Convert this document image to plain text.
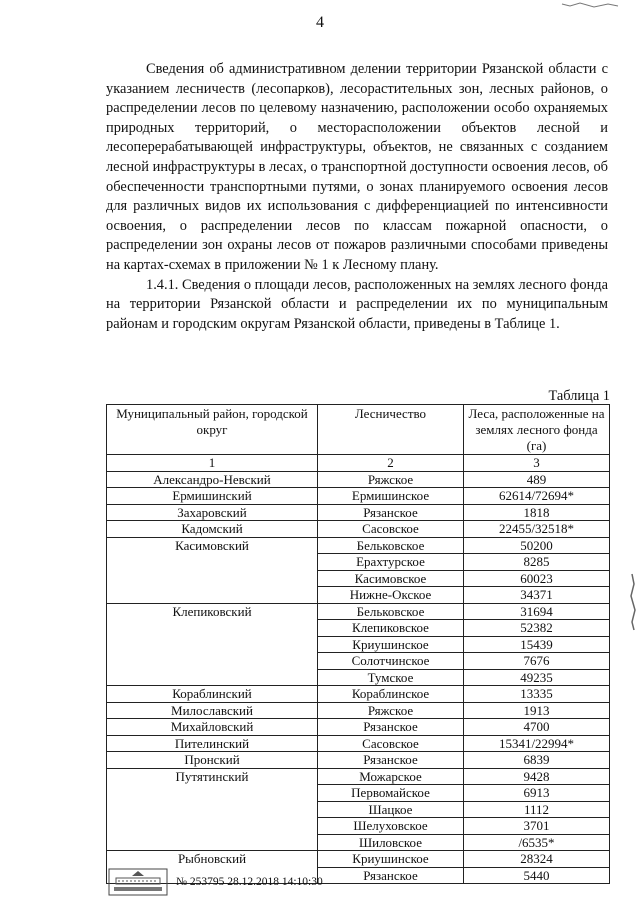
4

Сведения об административном делении территории Рязанской области с указанием лесничеств (лесопарков), лесорастительных зон, лесных районов, о распределении лесов по целевому назначению, расположении особо охраняемых природных территорий, о месторасположении объектов лесной и лесоперерабатывающей инфраструктуры, объектов, не связанных с созданием лесной инфраструктуры в лесах, о транспортной доступности освоения лесов, об обеспеченности транспортными путями, о зонах планируемого освоения лесов для различных видов их использования с дифференциацией по интенсивности освоения, о распределении лесов по классам пожарной опасности, о распределении зон охраны лесов от пожаров различными способами приведены на картах-схемах в приложении № 1 к Лесному плану.

1.4.1. Сведения о площади лесов, расположенных на землях лесного фонда на территории Рязанской области и распределении их по муниципальным районам и городским округам Рязанской области, приведены в Таблице 1.

Таблица 1
Муниципальный район, городской округ	Лесничество	Леса, расположенные на землях лесного фонда (га)
1	2	3
Александро-Невский	Ряжское	489
Ермишинский	Ермишинское	62614/72694*
Захаровский	Рязанское	1818
Кадомский	Сасовское	22455/32518*
Касимовский	Бельковское	50200
	Ерахтурское	8285
	Касимовское	60023
	Нижне-Окское	34371
Клепиковский	Бельковское	31694
	Клепиковское	52382
	Криушинское	15439
	Солотчинское	7676
	Тумское	49235
Кораблинский	Кораблинское	13335
Милославский	Ряжское	1913
Михайловский	Рязанское	4700
Пителинский	Сасовское	15341/22994*
Пронский	Рязанское	6839
Путятинский	Можарское	9428
	Первомайское	6913
	Шацкое	1112
	Шелуховское	3701
	Шиловское	/6535*
Рыбновский	Криушинское	28324
	Рязанское	5440
№ 253795 28.12.2018 14:10:30
